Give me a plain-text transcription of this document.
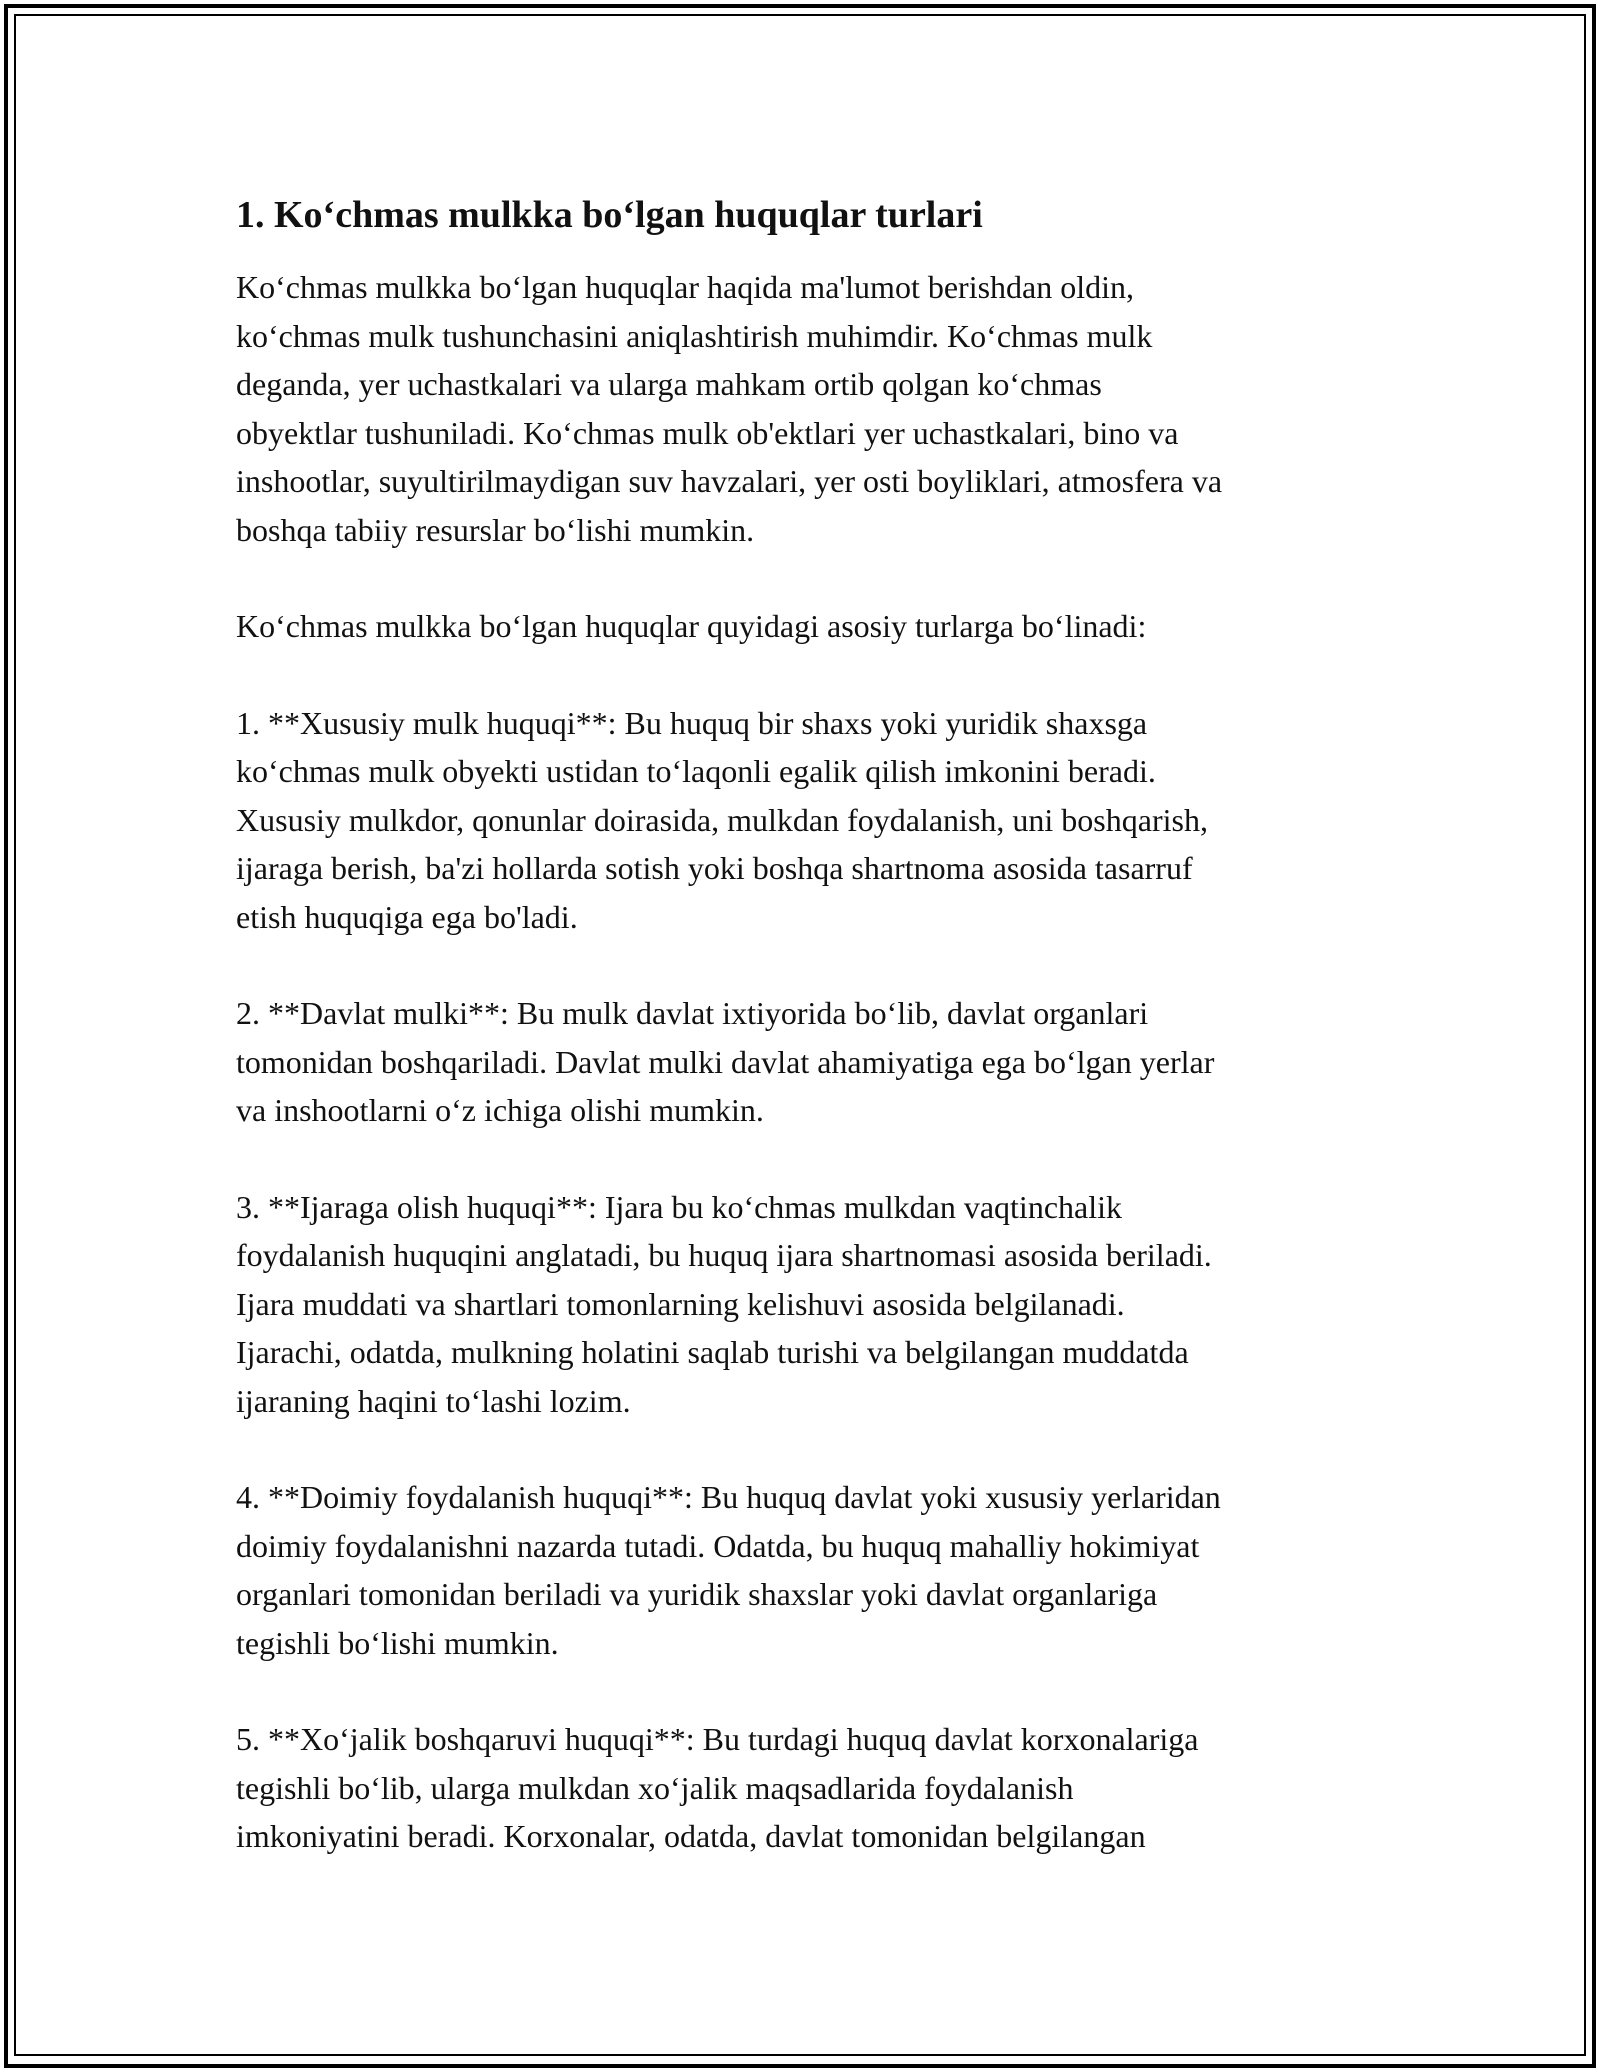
1. Ko‘chmas mulkka bo‘lgan huquqlar turlari

Ko‘chmas mulkka bo‘lgan huquqlar haqida ma'lumot berishdan oldin,
ko‘chmas mulk tushunchasini aniqlashtirish muhimdir. Ko‘chmas mulk
deganda, yer uchastkalari va ularga mahkam ortib qolgan ko‘chmas
obyektlar tushuniladi. Ko‘chmas mulk ob'ektlari yer uchastkalari, bino va
inshootlar, suyultirilmaydigan suv havzalari, yer osti boyliklari, atmosfera va
boshqa tabiiy resurslar bo‘lishi mumkin.

Ko‘chmas mulkka bo‘lgan huquqlar quyidagi asosiy turlarga bo‘linadi:

1. **Xususiy mulk huquqi**: Bu huquq bir shaxs yoki yuridik shaxsga
ko‘chmas mulk obyekti ustidan to‘laqonli egalik qilish imkonini beradi.
Xususiy mulkdor, qonunlar doirasida, mulkdan foydalanish, uni boshqarish,
ijaraga berish, ba'zi hollarda sotish yoki boshqa shartnoma asosida tasarruf
etish huquqiga ega bo'ladi.

2. **Davlat mulki**: Bu mulk davlat ixtiyorida bo‘lib, davlat organlari
tomonidan boshqariladi. Davlat mulki davlat ahamiyatiga ega bo‘lgan yerlar
va inshootlarni o‘z ichiga olishi mumkin.

3. **Ijaraga olish huquqi**: Ijara bu ko‘chmas mulkdan vaqtinchalik
foydalanish huquqini anglatadi, bu huquq ijara shartnomasi asosida beriladi.
Ijara muddati va shartlari tomonlarning kelishuvi asosida belgilanadi.
Ijarachi, odatda, mulkning holatini saqlab turishi va belgilangan muddatda
ijaraning haqini to‘lashi lozim.

4. **Doimiy foydalanish huquqi**: Bu huquq davlat yoki xususiy yerlaridan
doimiy foydalanishni nazarda tutadi. Odatda, bu huquq mahalliy hokimiyat
organlari tomonidan beriladi va yuridik shaxslar yoki davlat organlariga
tegishli bo‘lishi mumkin.

5. **Xo‘jalik boshqaruvi huquqi**: Bu turdagi huquq davlat korxonalariga
tegishli bo‘lib, ularga mulkdan xo‘jalik maqsadlarida foydalanish
imkoniyatini beradi. Korxonalar, odatda, davlat tomonidan belgilangan
